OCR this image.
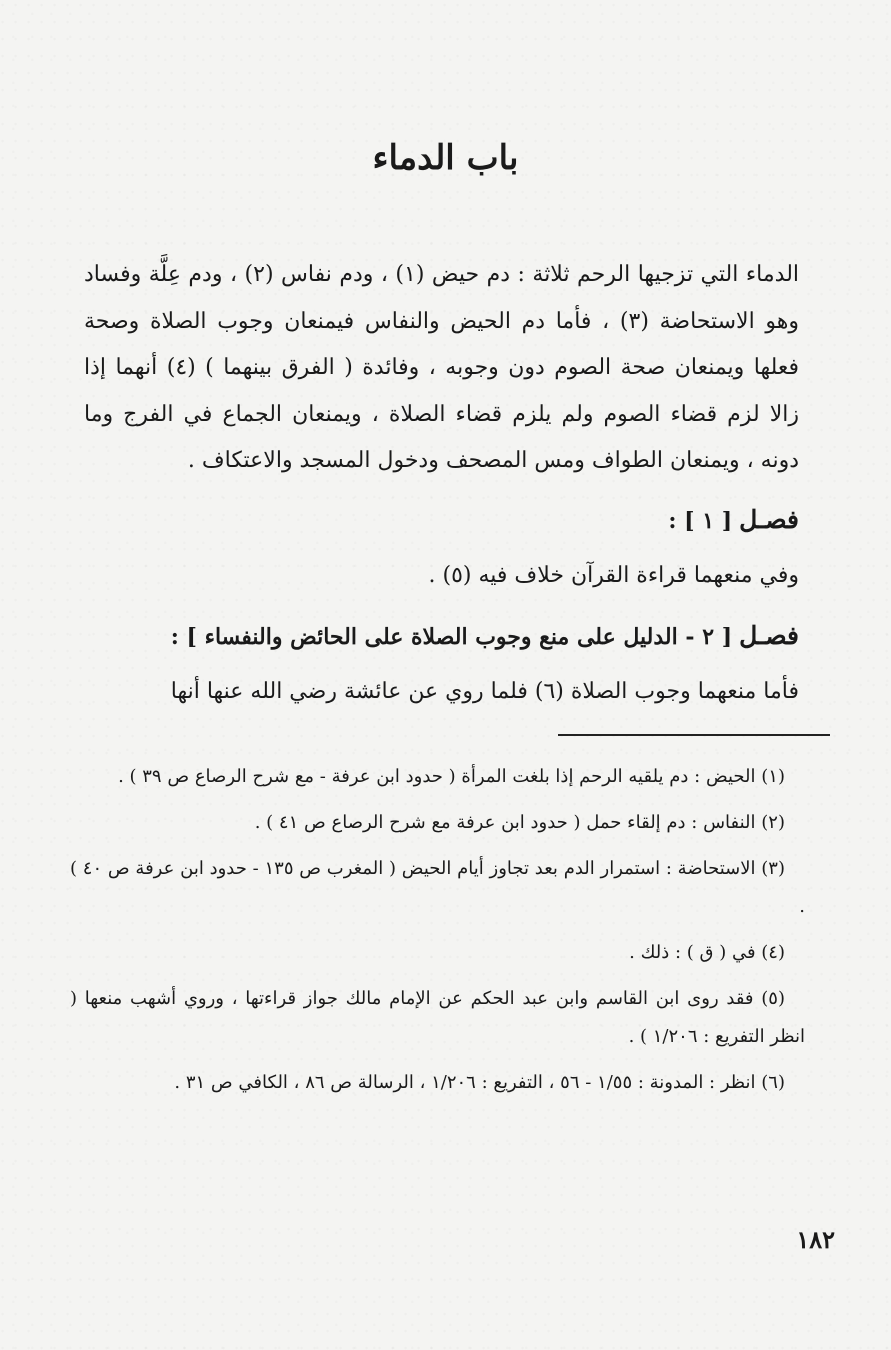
باب الدماء
الدماء التي تزجيها الرحم ثلاثة : دم حيض (١) ، ودم نفاس (٢) ، ودم عِلَّة وفساد وهو الاستحاضة (٣) ، فأما دم الحيض والنفاس فيمنعان وجوب الصلاة وصحة فعلها ويمنعان صحة الصوم دون وجوبه ، وفائدة ( الفرق بينهما ) (٤) أنهما إذا زالا لزم قضاء الصوم ولم يلزم قضاء الصلاة ، ويمنعان الجماع في الفرج وما دونه ، ويمنعان الطواف ومس المصحف ودخول المسجد والاعتكاف .
فصـل [ ١ ] :
وفي منعهما قراءة القرآن خلاف فيه (٥) .
فصـل [ ٢ - الدليل على منع وجوب الصلاة على الحائض والنفساء ] :
فأما منعهما وجوب الصلاة (٦) فلما روي عن عائشة رضي الله عنها أنها

(١) الحيض : دم يلقيه الرحم إذا بلغت المرأة ( حدود ابن عرفة - مع شرح الرصاع ص ٣٩ ) .

(٢) النفاس : دم إلقاء حمل ( حدود ابن عرفة مع شرح الرصاع ص ٤١ ) .

(٣) الاستحاضة : استمرار الدم بعد تجاوز أيام الحيض ( المغرب ص ١٣٥ - حدود ابن عرفة ص ٤٠ ) .

(٤) في ( ق ) : ذلك .

(٥) فقد روى ابن القاسم وابن عبد الحكم عن الإمام مالك جواز قراءتها ، وروي أشهب منعها ( انظر التفريع : ١/٢٠٦ ) .

(٦) انظر : المدونة : ١/٥٥ - ٥٦ ، التفريع : ١/٢٠٦ ، الرسالة ص ٨٦ ، الكافي ص ٣١ .

١٨٢
